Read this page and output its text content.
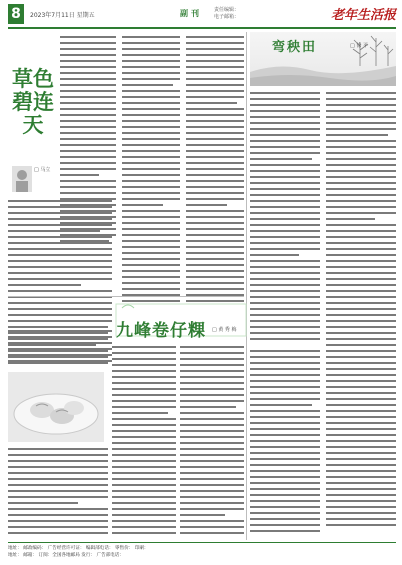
8	2023年7月11日 星期五	副刊 责任编辑：
电子邮箱：	老年生活报
草色碧连天
□ 马立
弯秧田	□ 徐 平
九峰卷仔粿 □ 黄 秀 梅
地址： 邮政编码： 广告经营许可证： 编辑部电话： 零售价： 印刷：
地址： 邮箱： 订阅：全国各地邮局 发行： 广告部电话：
